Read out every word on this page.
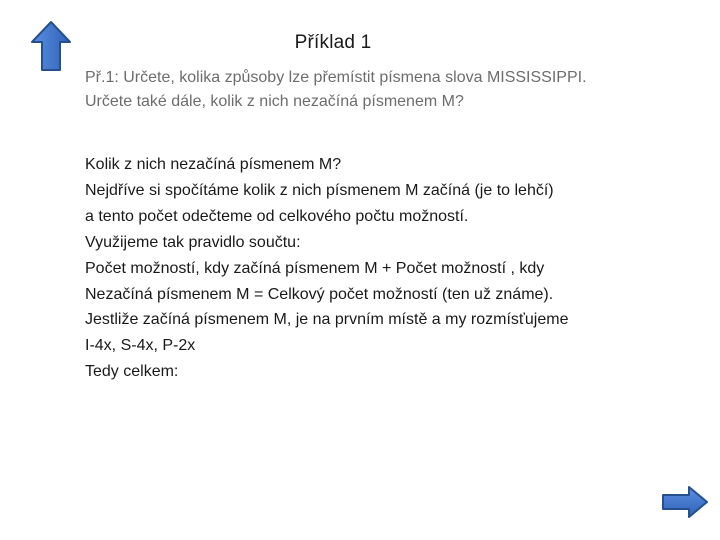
Příklad 1
Př.1: Určete, kolika způsoby lze přemístit písmena slova MISSISSIPPI.
Určete také dále, kolik z nich nezačíná písmenem M?
Kolik z nich nezačíná písmenem M?
Nejdříve si spočítáme kolik z nich písmenem M začíná (je to lehčí)
a tento počet odečteme od celkového počtu možností.
Využijeme tak pravidlo součtu:
Počet možností, kdy začíná písmenem M + Počet možností , kdy
Nezačíná písmenem M = Celkový počet možností (ten už známe).
Jestliže začíná písmenem M, je na prvním místě a my rozmísťujeme
I-4x, S-4x, P-2x
Tedy celkem:
